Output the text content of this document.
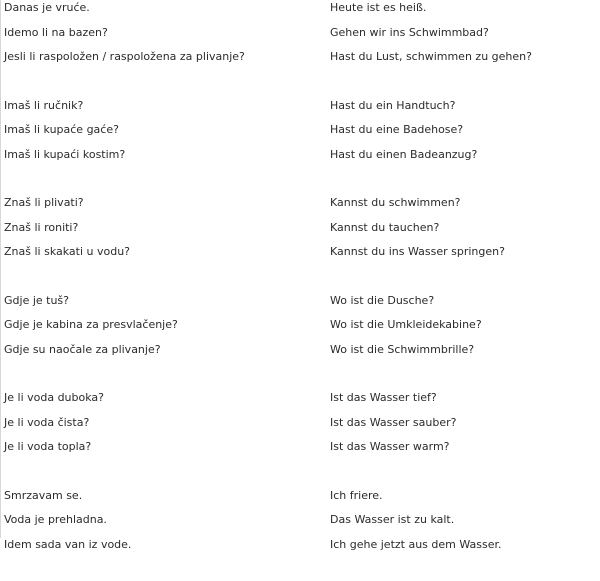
Danas je vruće.	Heute ist es heiß.
Idemo li na bazen?	Gehen wir ins Schwimmbad?
Jesli li raspoložen / raspoložena za plivanje?	Hast du Lust, schwimmen zu gehen?
Imaš li ručnik?	Hast du ein Handtuch?
Imaš li kupaće gaće?	Hast du eine Badehose?
Imaš li kupaći kostim?	Hast du einen Badeanzug?
Znaš li plivati?	Kannst du schwimmen?
Znaš li roniti?	Kannst du tauchen?
Znaš li skakati u vodu?	Kannst du ins Wasser springen?
Gdje je tuš?	Wo ist die Dusche?
Gdje je kabina za presvlačenje?	Wo ist die Umkleidekabine?
Gdje su naočale za plivanje?	Wo ist die Schwimmbrille?
Je li voda duboka?	Ist das Wasser tief?
Je li voda čista?	Ist das Wasser sauber?
Je li voda topla?	Ist das Wasser warm?
Smrzavam se.	Ich friere.
Voda je prehladna.	Das Wasser ist zu kalt.
Idem sada van iz vode.	Ich gehe jetzt aus dem Wasser.
